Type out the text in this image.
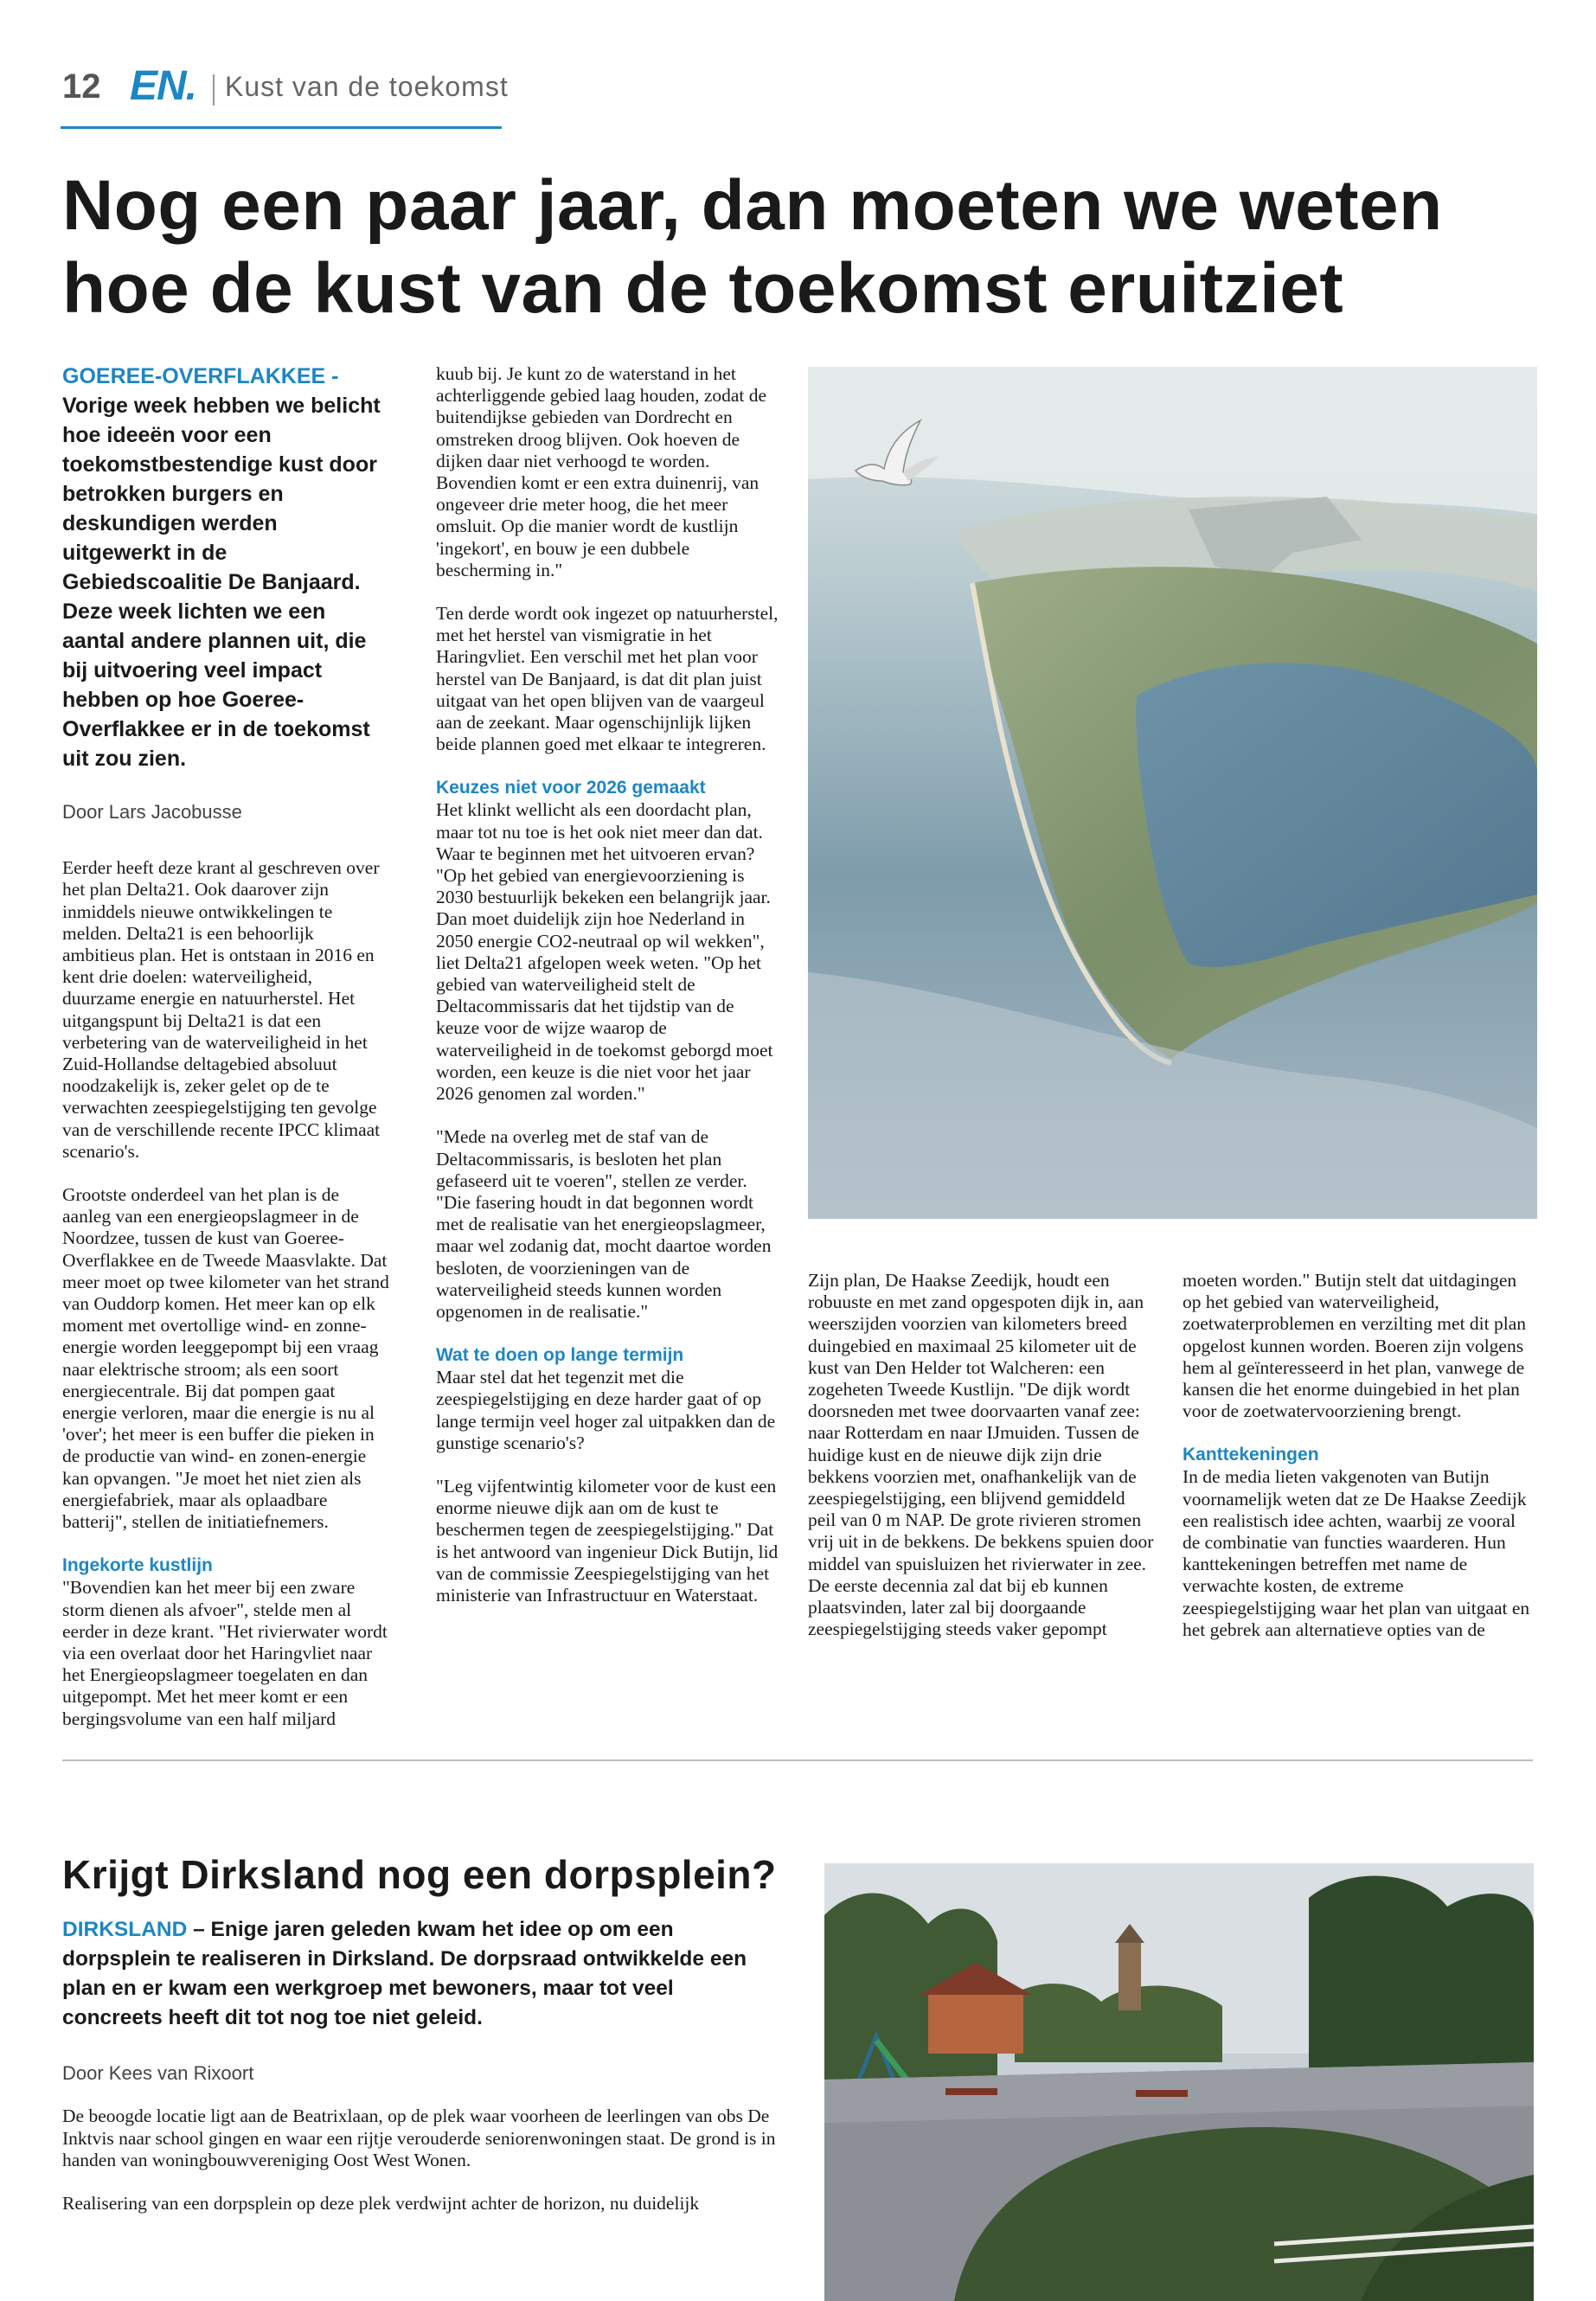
12 EN. Kust van de toekomst
Nog een paar jaar, dan moeten we weten
hoe de kust van de toekomst eruitziet
GOEREE-OVERFLAKKEE - Vorige week hebben we belicht hoe ideeën voor een toekomstbestendige kust door betrokken burgers en deskundigen werden uitgewerkt in de Gebiedscoalitie De Banjaard. Deze week lichten we een aantal andere plannen uit, die bij uitvoering veel impact hebben op hoe Goeree-Overflakkee er in de toekomst uit zou zien.
Door Lars Jacobusse

Eerder heeft deze krant al geschreven over het plan Delta21. Ook daarover zijn inmiddels nieuwe ontwikkelingen te melden. Delta21 is een behoorlijk ambitieus plan. Het is ontstaan in 2016 en kent drie doelen: waterveiligheid, duurzame energie en natuurherstel. Het uitgangspunt bij Delta21 is dat een verbetering van de waterveiligheid in het Zuid-Hollandse deltagebied absoluut noodzakelijk is, zeker gelet op de te verwachten zeespiegelstijging ten gevolge van de verschillende recente IPCC klimaat scenario's.

Grootste onderdeel van het plan is de aanleg van een energieopslagmeer in de Noordzee, tussen de kust van Goeree-Overflakkee en de Tweede Maasvlakte. Dat meer moet op twee kilometer van het strand van Ouddorp komen. Het meer kan op elk moment met overtollige wind- en zonne-energie worden leeggepompt bij een vraag naar elektrische stroom; als een soort energiecentrale. Bij dat pompen gaat energie verloren, maar die energie is nu al 'over'; het meer is een buffer die pieken in de productie van wind- en zonen-energie kan opvangen. "Je moet het niet zien als energiefabriek, maar als oplaadbare batterij", stellen de initiatiefnemers.

Ingekorte kustlijn

"Bovendien kan het meer bij een zware storm dienen als afvoer", stelde men al eerder in deze krant. "Het rivierwater wordt via een overlaat door het Haringvliet naar het Energieopslagmeer toegelaten en dan uitgepompt. Met het meer komt er een bergingsvolume van een half miljard

kuub bij. Je kunt zo de waterstand in het achterliggende gebied laag houden, zodat de buitendijkse gebieden van Dordrecht en omstreken droog blijven. Ook hoeven de dijken daar niet verhoogd te worden. Bovendien komt er een extra duinenrij, van ongeveer drie meter hoog, die het meer omsluit. Op die manier wordt de kustlijn 'ingekort', en bouw je een dubbele bescherming in."

Ten derde wordt ook ingezet op natuurherstel, met het herstel van vismigratie in het Haringvliet. Een verschil met het plan voor herstel van De Banjaard, is dat dit plan juist uitgaat van het open blijven van de vaargeul aan de zeekant. Maar ogenschijnlijk lijken beide plannen goed met elkaar te integreren.

Keuzes niet voor 2026 gemaakt

Het klinkt wellicht als een doordacht plan, maar tot nu toe is het ook niet meer dan dat. Waar te beginnen met het uitvoeren ervan? "Op het gebied van energievoorziening is 2030 bestuurlijk bekeken een belangrijk jaar. Dan moet duidelijk zijn hoe Nederland in 2050 energie CO2-neutraal op wil wekken", liet Delta21 afgelopen week weten. "Op het gebied van waterveiligheid stelt de Deltacommissaris dat het tijdstip van de keuze voor de wijze waarop de waterveiligheid in de toekomst geborgd moet worden, een keuze is die niet voor het jaar 2026 genomen zal worden."

"Mede na overleg met de staf van de Deltacommissaris, is besloten het plan gefaseerd uit te voeren", stellen ze verder. "Die fasering houdt in dat begonnen wordt met de realisatie van het energieopslagmeer, maar wel zodanig dat, mocht daartoe worden besloten, de voorzieningen van de waterveiligheid steeds kunnen worden opgenomen in de realisatie."

Wat te doen op lange termijn

Maar stel dat het tegenzit met die zeespiegelstijging en deze harder gaat of op lange termijn veel hoger zal uitpakken dan de gunstige scenario's?

"Leg vijfentwintig kilometer voor de kust een enorme nieuwe dijk aan om de kust te beschermen tegen de zeespiegelstijging." Dat is het antwoord van ingenieur Dick Butijn, lid van de commissie Zeespiegelstijging van het ministerie van Infrastructuur en Waterstaat.

Zijn plan, De Haakse Zeedijk, houdt een robuuste en met zand opgespoten dijk in, aan weerszijden voorzien van kilometers breed duingebied en maximaal 25 kilometer uit de kust van Den Helder tot Walcheren: een zogeheten Tweede Kustlijn. "De dijk wordt doorsneden met twee doorvaarten vanaf zee: naar Rotterdam en naar IJmuiden. Tussen de huidige kust en de nieuwe dijk zijn drie bekkens voorzien met, onafhankelijk van de zeespiegelstijging, een blijvend gemiddeld peil van 0 m NAP. De grote rivieren stromen vrij uit in de bekkens. De bekkens spuien door middel van spuisluizen het rivierwater in zee. De eerste decennia zal dat bij eb kunnen plaatsvinden, later zal bij doorgaande zeespiegelstijging steeds vaker gepompt

moeten worden." Butijn stelt dat uitdagingen op het gebied van waterveiligheid, zoetwaterproblemen en verzilting met dit plan opgelost kunnen worden. Boeren zijn volgens hem al geïnteresseerd in het plan, vanwege de kansen die het enorme duingebied in het plan voor de zoetwatervoorziening brengt.

Kanttekeningen

In de media lieten vakgenoten van Butijn voornamelijk weten dat ze De Haakse Zeedijk een realistisch idee achten, waarbij ze vooral de combinatie van functies waarderen. Hun kanttekeningen betreffen met name de verwachte kosten, de extreme zeespiegelstijging waar het plan van uitgaat en het gebrek aan alternatieve opties van de

Krijgt Dirksland nog een dorpsplein?
DIRKSLAND – Enige jaren geleden kwam het idee op om een dorpsplein te realiseren in Dirksland. De dorpsraad ontwikkelde een plan en er kwam een werkgroep met bewoners, maar tot veel concreets heeft dit tot nog toe niet geleid.
Door Kees van Rixoort

De beoogde locatie ligt aan de Beatrixlaan, op de plek waar voorheen de leerlingen van obs De Inktvis naar school gingen en waar een rijtje verouderde seniorenwoningen staat. De grond is in handen van woningbouwvereniging Oost West Wonen.

Realisering van een dorpsplein op deze plek verdwijnt achter de horizon, nu duidelijk
